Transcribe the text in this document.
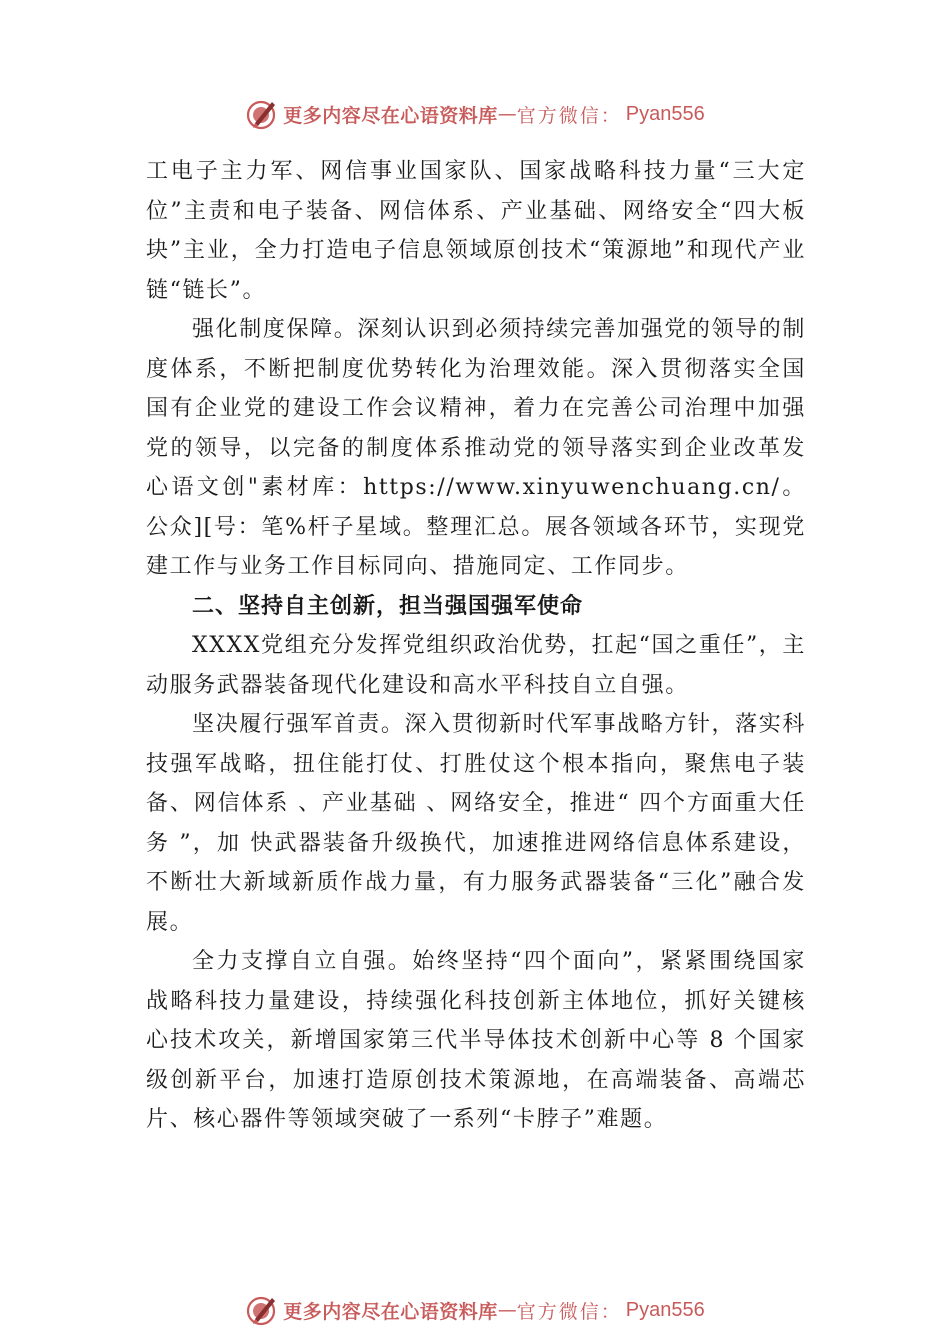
更多内容尽在心语资料库 — 官方微信 ： Pyan556

工电子主力军、网信事业国家队、国家战略科技力量“三大定位”主责和电子装备、网信体系、产业基础、网络安全“四大板块”主业，全力打造电子信息领域原创技术“策源地”和现代产业链“链长”。

强化制度保障。深刻认识到必须持续完善加强党的领导的制度体系，不断把制度优势转化为治理效能。深入贯彻落实全国国有企业党的建设工作会议精神，着力在完善公司治理中加强党的领导，以完备的制度体系推动党的领导落实到企业改革发心语文创"素材库：https://www.xinyuwenchuang.cn/。公众][号：笔%杆子星域。整理汇总。展各领域各环节，实现党建工作与业务工作目标同向、措施同定、工作同步。

二、坚持自主创新，担当强国强军使命

XXXX党组充分发挥党组织政治优势，扛起“国之重任”，主动服务武器装备现代化建设和高水平科技自立自强。

坚决履行强军首责。深入贯彻新时代军事战略方针，落实科技强军战略，扭住能打仗、打胜仗这个根本指向，聚焦电子装备、网信体系 、产业基础 、网络安全，推进“ 四个方面重大任务 ”，加 快武器装备升级换代，加速推进网络信息体系建设，不断壮大新域新质作战力量，有力服务武器装备“三化”融合发展。

全力支撑自立自强。始终坚持“四个面向”，紧紧围绕国家战略科技力量建设，持续强化科技创新主体地位，抓好关键核心技术攻关，新增国家第三代半导体技术创新中心等 8 个国家级创新平台，加速打造原创技术策源地，在高端装备、高端芯片、核心器件等领域突破了一系列“卡脖子”难题。

更多内容尽在心语资料库 — 官方微信 ： Pyan556
